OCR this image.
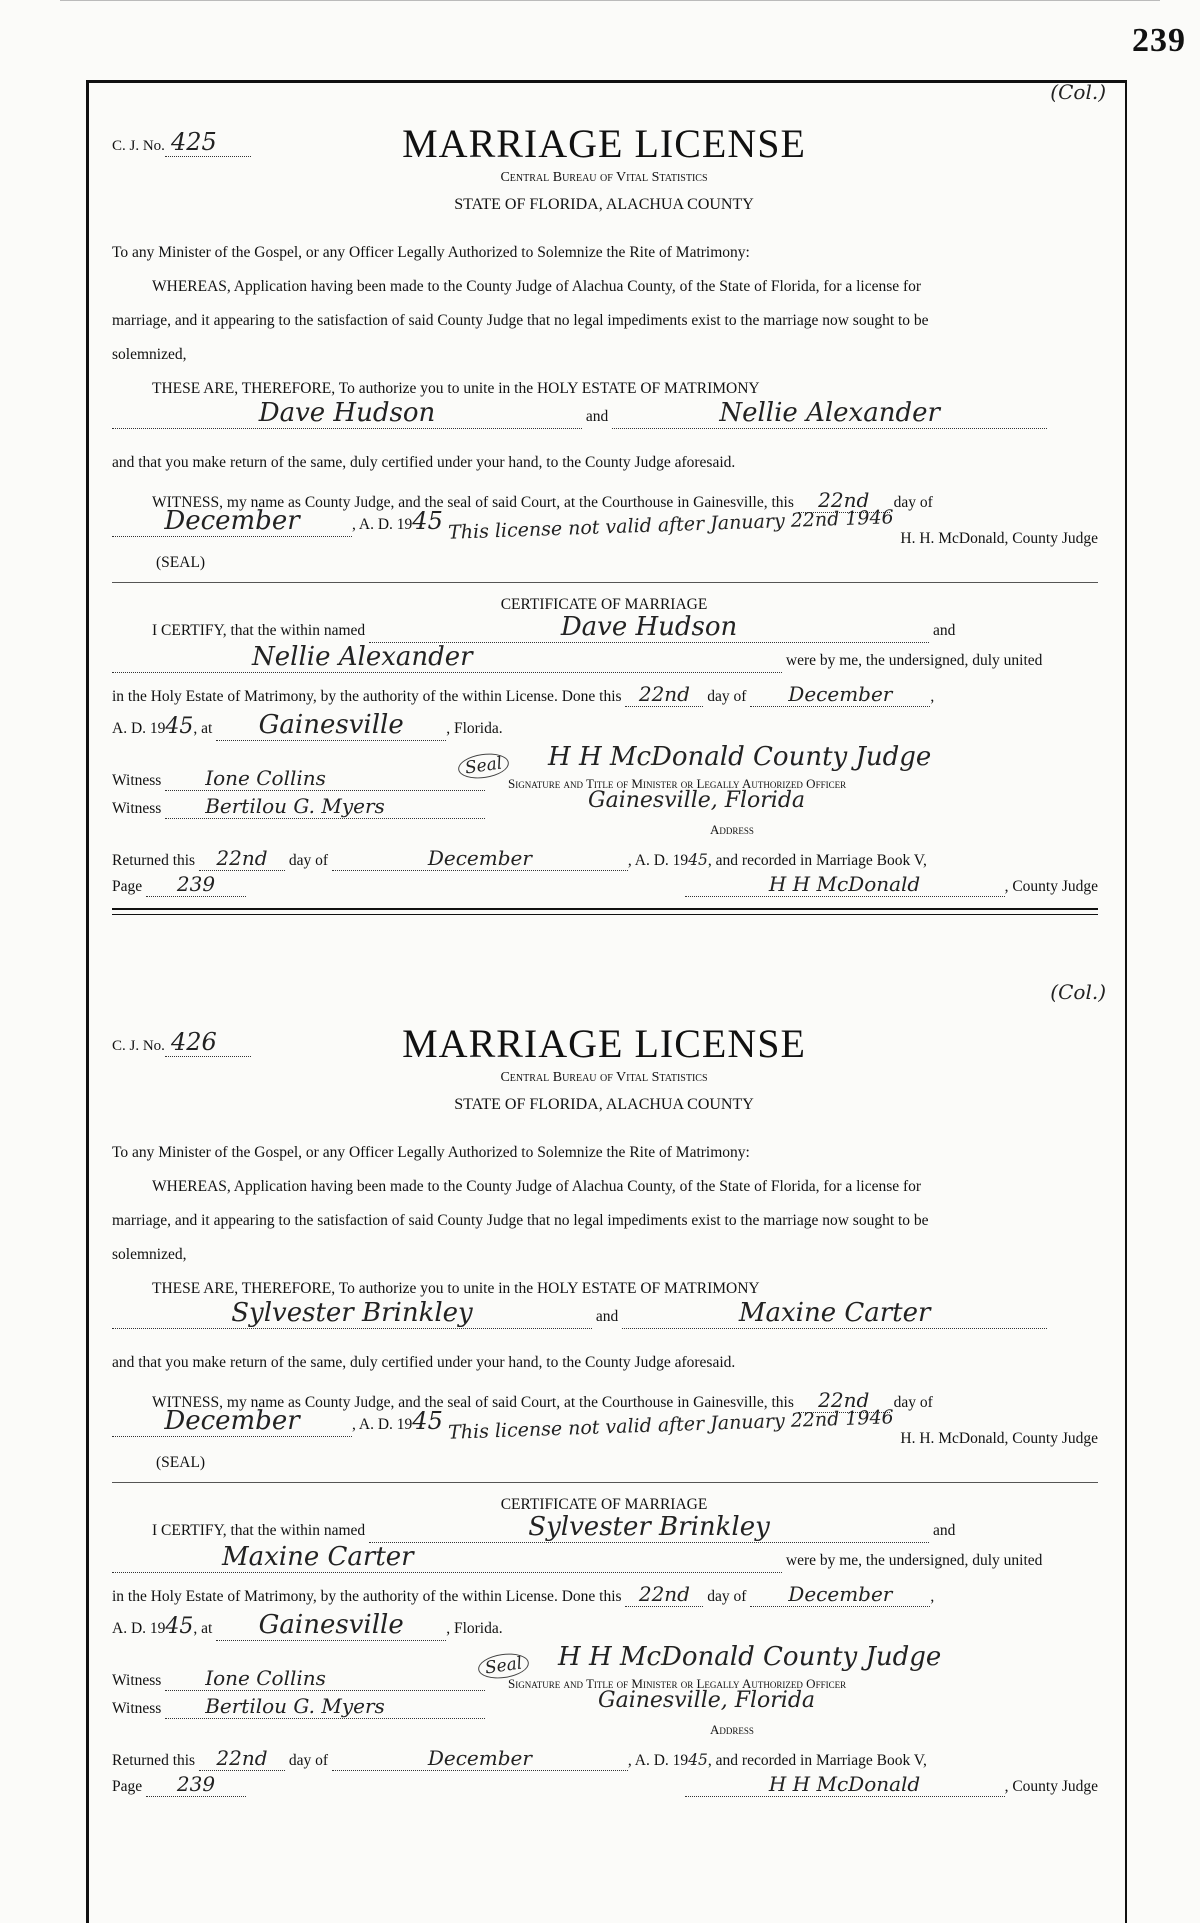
239
(Col.)
C. J. No. 425	MARRIAGE LICENSE
Central Bureau of Vital Statistics
STATE OF FLORIDA, ALACHUA COUNTY
To any Minister of the Gospel, or any Officer Legally Authorized to Solemnize the Rite of Matrimony:
WHEREAS, Application having been made to the County Judge of Alachua County, of the State of Florida, for a license for
marriage, and it appearing to the satisfaction of said County Judge that no legal impediments exist to the marriage now sought to be
solemnized,
THESE ARE, THEREFORE, To authorize you to unite in the HOLY ESTATE OF MATRIMONY
Dave Hudson	and	Nellie Alexander
and that you make return of the same, duly certified under your hand, to the County Judge aforesaid.
WITNESS, my name as County Judge, and the seal of said Court, at the Courthouse in Gainesville, this 22nd day of
December	, A. D. 1945 This license not valid after January 22nd 1946 H. H. McDonald, County Judge
(SEAL)
CERTIFICATE OF MARRIAGE
I CERTIFY, that the within named	Dave Hudson	and
Nellie Alexander	were by me, the undersigned, duly united
in the Holy Estate of Matrimony, by the authority of the within License. Done this 22nd day of December ,
A. D. 1945, at Gainesville	, Florida.
Seal H H McDonald County Judge
Witness Ione Collins	Signature and Title of Minister or Legally Authorized Officer
Witness Bertilou G. Myers	Gainesville, Florida
Address
Returned this 22nd day of	December	, A. D. 1945, and recorded in Marriage Book V,
Page 239	H H McDonald	, County Judge
(Col.)
C. J. No. 426	MARRIAGE LICENSE
Central Bureau of Vital Statistics
STATE OF FLORIDA, ALACHUA COUNTY
To any Minister of the Gospel, or any Officer Legally Authorized to Solemnize the Rite of Matrimony:
WHEREAS, Application having been made to the County Judge of Alachua County, of the State of Florida, for a license for
marriage, and it appearing to the satisfaction of said County Judge that no legal impediments exist to the marriage now sought to be
solemnized,
THESE ARE, THEREFORE, To authorize you to unite in the HOLY ESTATE OF MATRIMONY
Sylvester Brinkley	and	Maxine Carter
and that you make return of the same, duly certified under your hand, to the County Judge aforesaid.
WITNESS, my name as County Judge, and the seal of said Court, at the Courthouse in Gainesville, this 22nd day of
December	, A. D. 1945 This license not valid after January 22nd 1946 H. H. McDonald, County Judge
(SEAL)
CERTIFICATE OF MARRIAGE
I CERTIFY, that the within named	Sylvester Brinkley	and
Maxine Carter	were by me, the undersigned, duly united
in the Holy Estate of Matrimony, by the authority of the within License. Done this 22nd day of December ,
A. D. 1945, at Gainesville	, Florida.
Seal H H McDonald County Judge
Witness Ione Collins	Signature and Title of Minister or Legally Authorized Officer
Witness Bertilou G. Myers	Gainesville, Florida
Address
Returned this 22nd day of	December	, A. D. 1945, and recorded in Marriage Book V,
Page 239	H H McDonald	, County Judge
